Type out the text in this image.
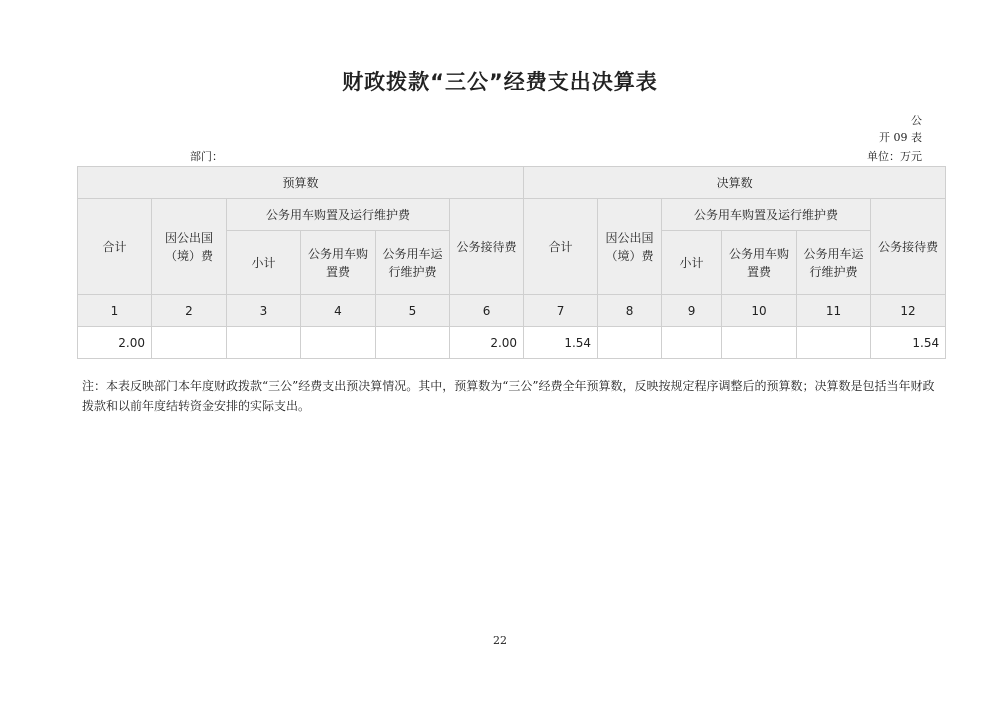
财政拨款“三公”经费支出决算表
公
开 09 表
部门：	单位：万元
预算数						决算数					
合计	因公出国（境）费	公务用车购置及运行维护费			公务接待费	合计	因公出国（境）费	公务用车购置及运行维护费			公务接待费
		小计	公务用车购置费	公务用车运行维护费				小计	公务用车购置费	公务用车运行维护费	
1	2	3	4	5	6	7	8	9	10	11	12
2.00					2.00	1.54					1.54
注：本表反映部门本年度财政拨款“三公”经费支出预决算情况。其中，预算数为“三公”经费全年预算数，反映按规定程序调整后的预算数；决算数是包括当年财政拨款和以前年度结转资金安排的实际支出。
22
